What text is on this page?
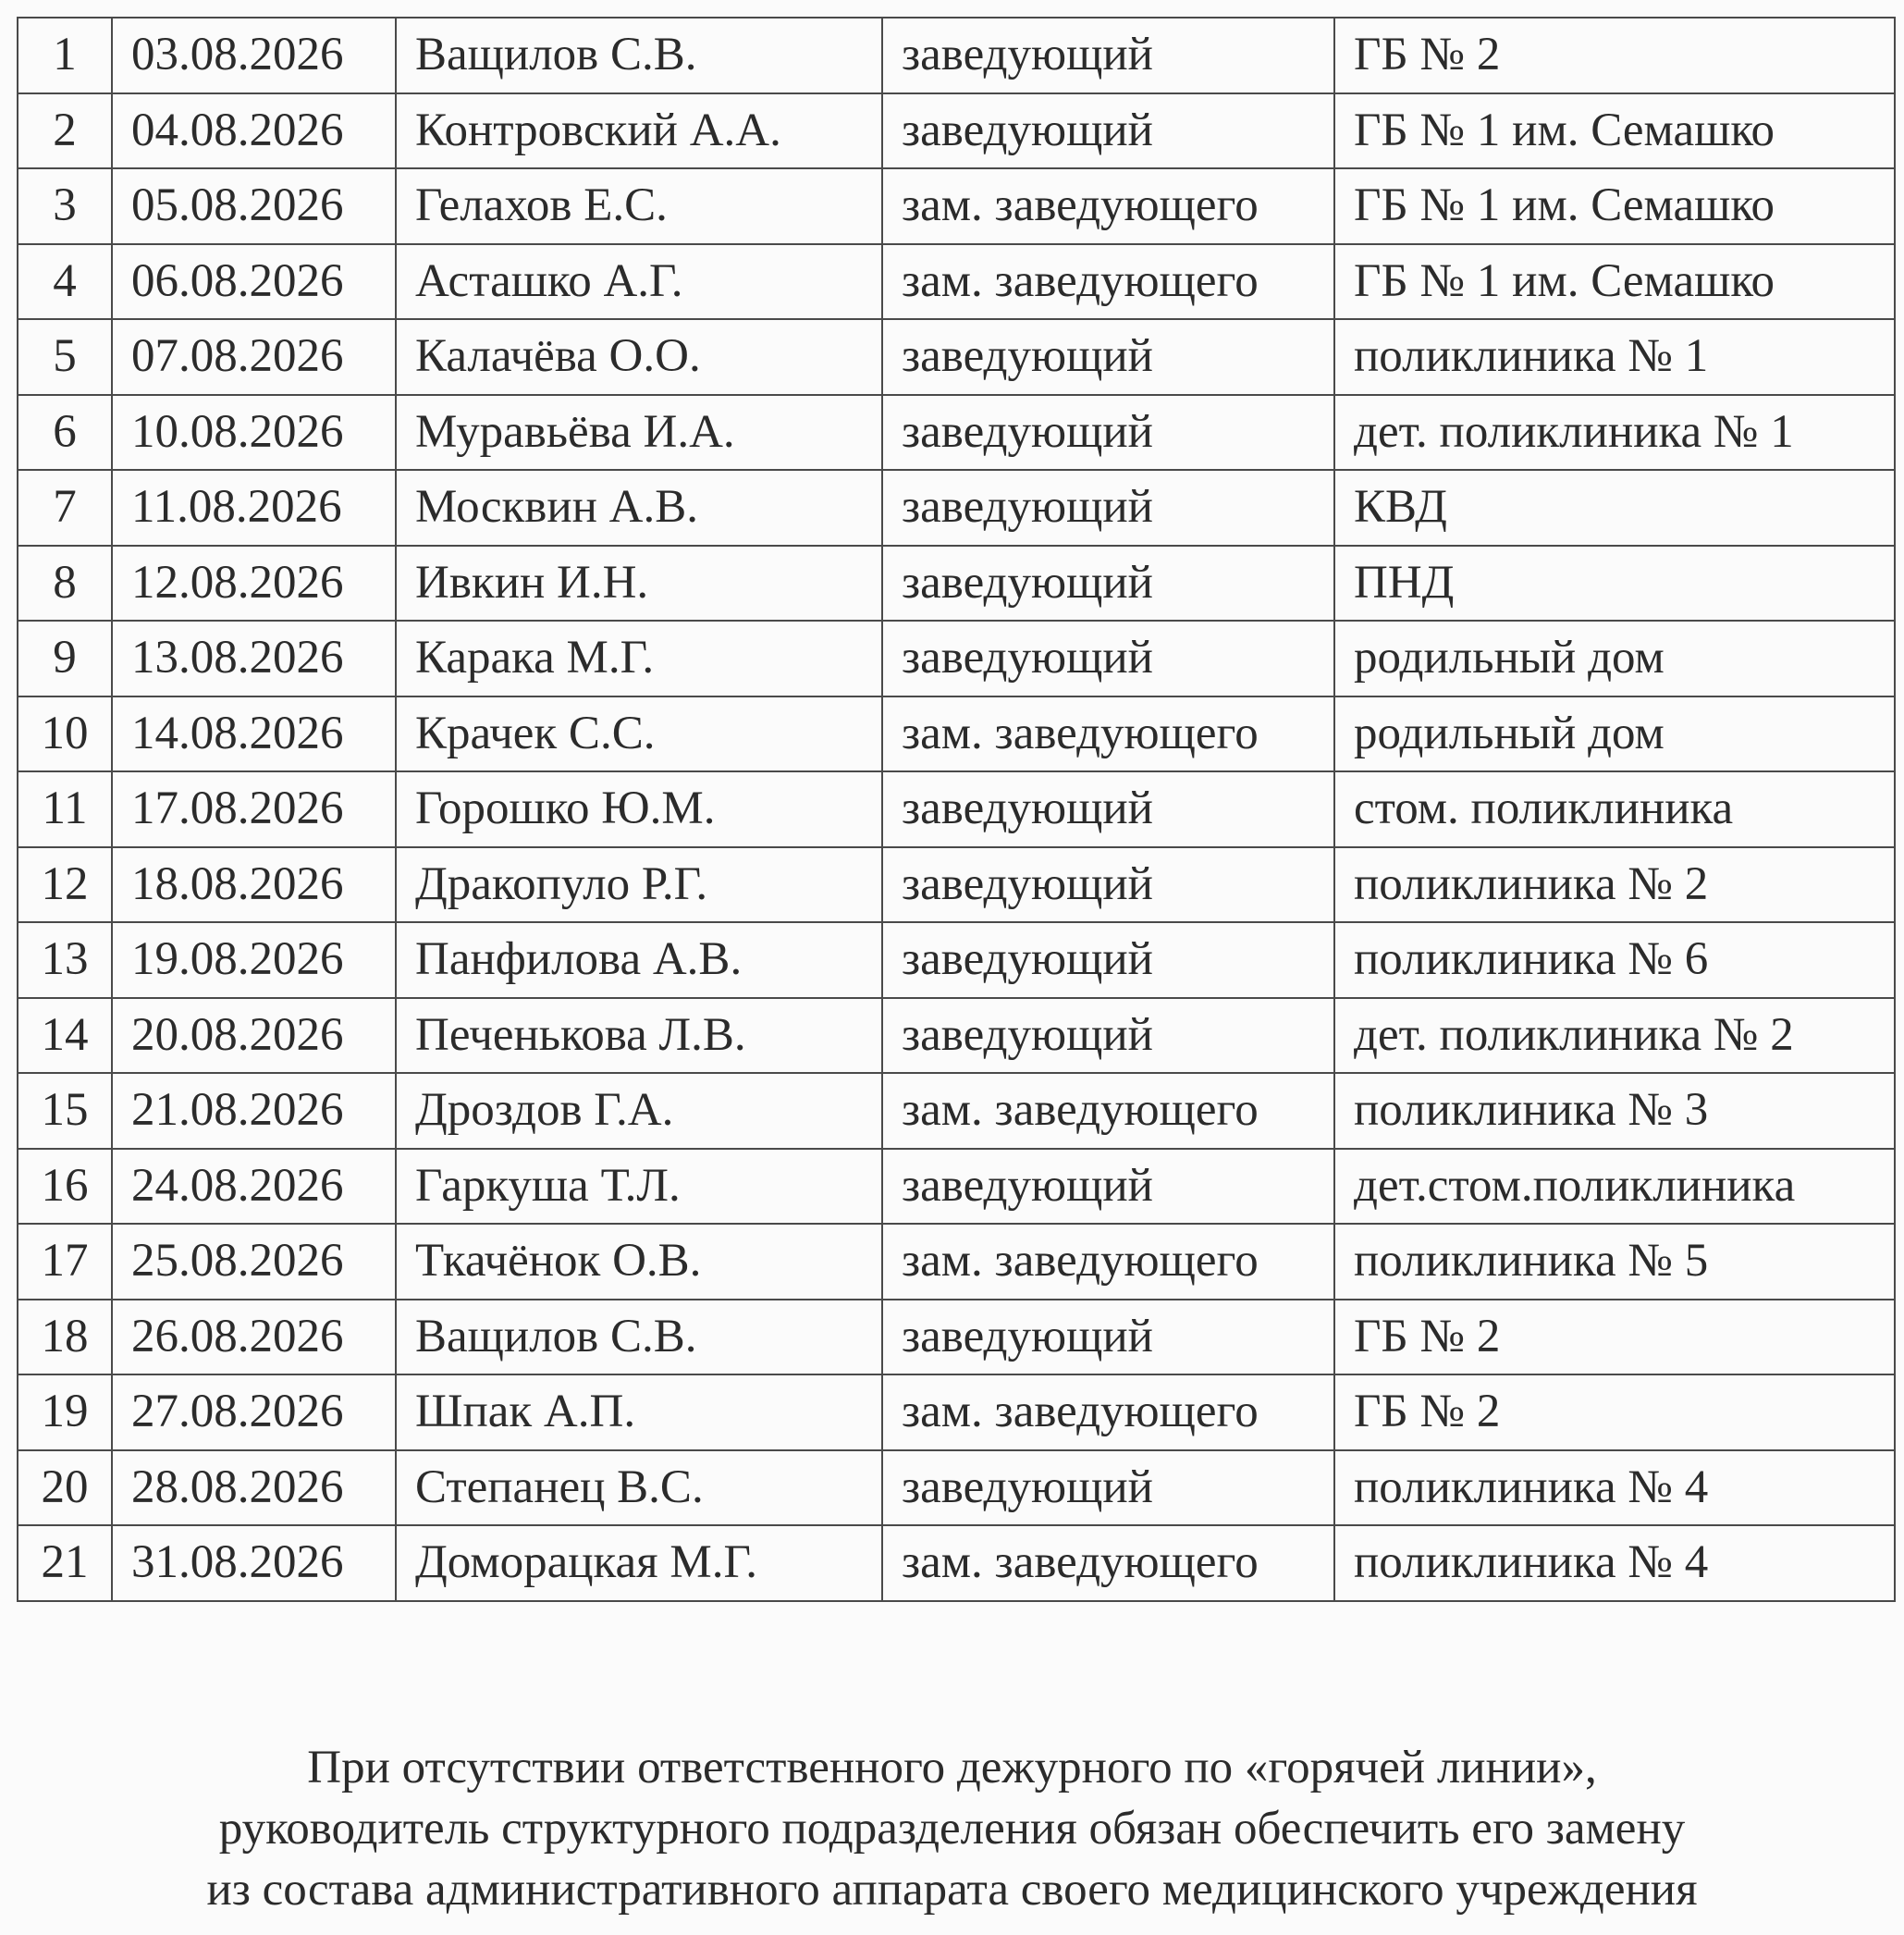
1	03.08.2026	Ващилов С.В.	заведующий	ГБ № 2
2	04.08.2026	Контровский А.А.	заведующий	ГБ № 1 им. Семашко
3	05.08.2026	Гелахов Е.С.	зам. заведующего	ГБ № 1 им. Семашко
4	06.08.2026	Асташко А.Г.	зам. заведующего	ГБ № 1 им. Семашко
5	07.08.2026	Калачёва О.О.	заведующий	поликлиника № 1
6	10.08.2026	Муравьёва И.А.	заведующий	дет. поликлиника № 1
7	11.08.2026	Москвин А.В.	заведующий	КВД
8	12.08.2026	Ивкин И.Н.	заведующий	ПНД
9	13.08.2026	Карака М.Г.	заведующий	родильный дом
10	14.08.2026	Крачек С.С.	зам. заведующего	родильный дом
11	17.08.2026	Горошко Ю.М.	заведующий	стом. поликлиника
12	18.08.2026	Дракопуло Р.Г.	заведующий	поликлиника № 2
13	19.08.2026	Панфилова А.В.	заведующий	поликлиника № 6
14	20.08.2026	Печенькова Л.В.	заведующий	дет. поликлиника № 2
15	21.08.2026	Дроздов Г.А.	зам. заведующего	поликлиника № 3
16	24.08.2026	Гаркуша Т.Л.	заведующий	дет.стом.поликлиника
17	25.08.2026	Ткачёнок О.В.	зам. заведующего	поликлиника № 5
18	26.08.2026	Ващилов С.В.	заведующий	ГБ № 2
19	27.08.2026	Шпак А.П.	зам. заведующего	ГБ № 2
20	28.08.2026	Степанец В.С.	заведующий	поликлиника № 4
21	31.08.2026	Доморацкая М.Г.	зам. заведующего	поликлиника № 4
При отсутствии ответственного дежурного по «горячей линии»,
руководитель структурного подразделения обязан обеспечить его замену
из состава административного аппарата своего медицинского учреждения
